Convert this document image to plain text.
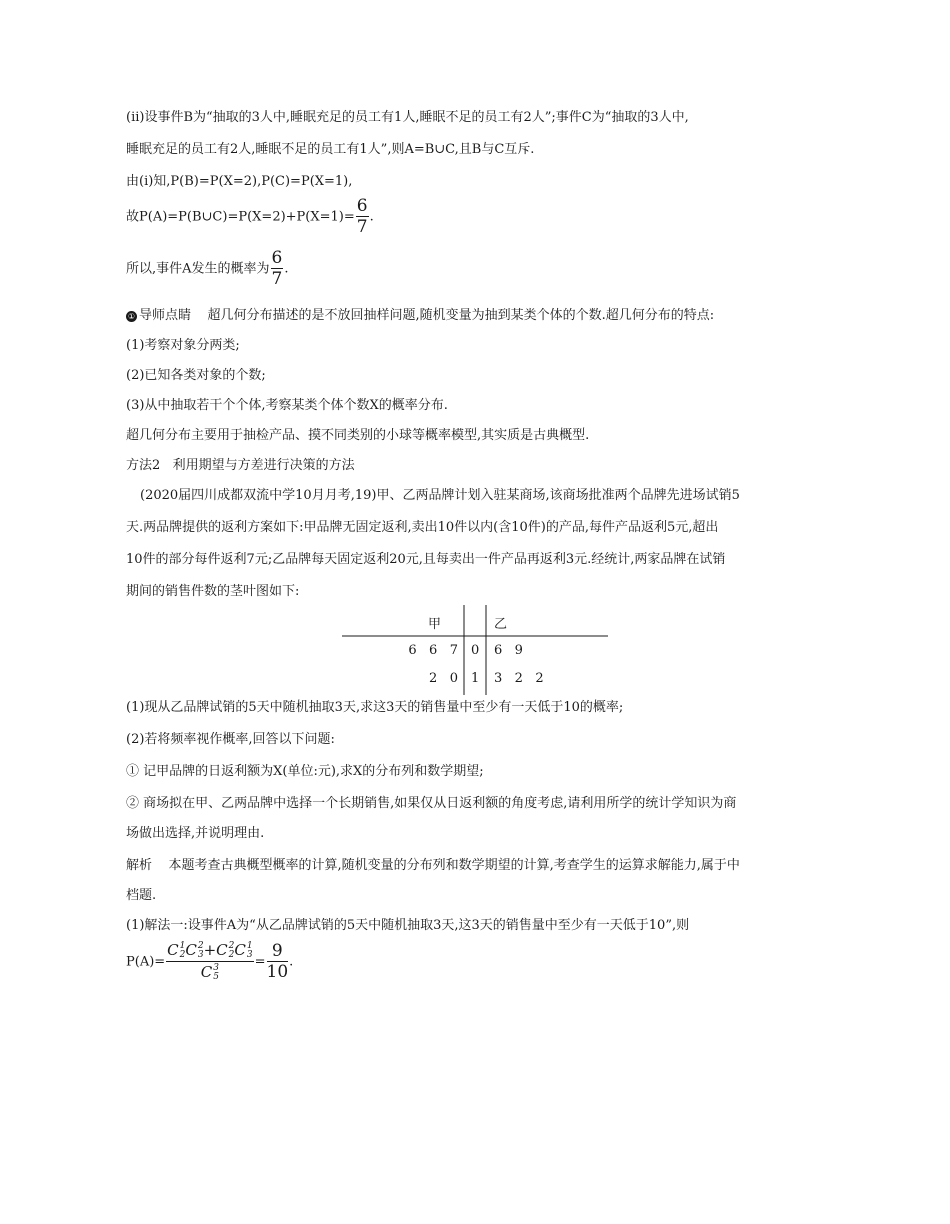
(ii)设事件B为“抽取的3人中,睡眠充足的员工有1人,睡眠不足的员工有2人”;事件C为“抽取的3人中,
睡眠充足的员工有2人,睡眠不足的员工有1人”,则A=B∪C,且B与C互斥.
由(i)知,P(B)=P(X=2),P(C)=P(X=1),
故P(A)=P(B∪C)=P(X=2)+P(X=1)= $\frac{6}{7}$ .
所以,事件A发生的概率为 $\frac{6}{7}$ .
① 导师点睛 超几何分布描述的是不放回抽样问题,随机变量为抽到某类个体的个数.超几何分布的特点:
(1)考察对象分两类;
(2)已知各类对象的个数;
(3)从中抽取若干个个体,考察某类个体个数X的概率分布.
超几何分布主要用于抽检产品、摸不同类别的小球等概率模型,其实质是古典概型.
方法2   利用期望与方差进行决策的方法
(2020届四川成都双流中学10月月考,19)甲、乙两品牌计划入驻某商场,该商场批准两个品牌先进场试销5
天.两品牌提供的返利方案如下:甲品牌无固定返利,卖出10件以内(含10件)的产品,每件产品返利5元,超出
10件的部分每件返利7元;乙品牌每天固定返利20元,且每卖出一件产品再返利3元.经统计,两家品牌在试销
期间的销售件数的茎叶图如下:
(1)现从乙品牌试销的5天中随机抽取3天,求这3天的销售量中至少有一天低于10的概率;
(2)若将频率视作概率,回答以下问题:
① 记甲品牌的日返利额为X(单位:元),求X的分布列和数学期望;
② 商场拟在甲、乙两品牌中选择一个长期销售,如果仅从日返利额的角度考虑,请利用所学的统计学知识为商
场做出选择,并说明理由.
解析    本题考查古典概型概率的计算,随机变量的分布列和数学期望的计算,考查学生的运算求解能力,属于中
档题.
(1)解法一:设事件A为“从乙品牌试销的5天中随机抽取3天,这3天的销售量中至少有一天低于10”,则
P(A)= C 1
2 C 2
3 +C 2
2 C 1
3
C 3
$5 = \frac{9}{10}$ .
甲	乙
6   6   7 0 6   9
2   0 1 3   2   2
